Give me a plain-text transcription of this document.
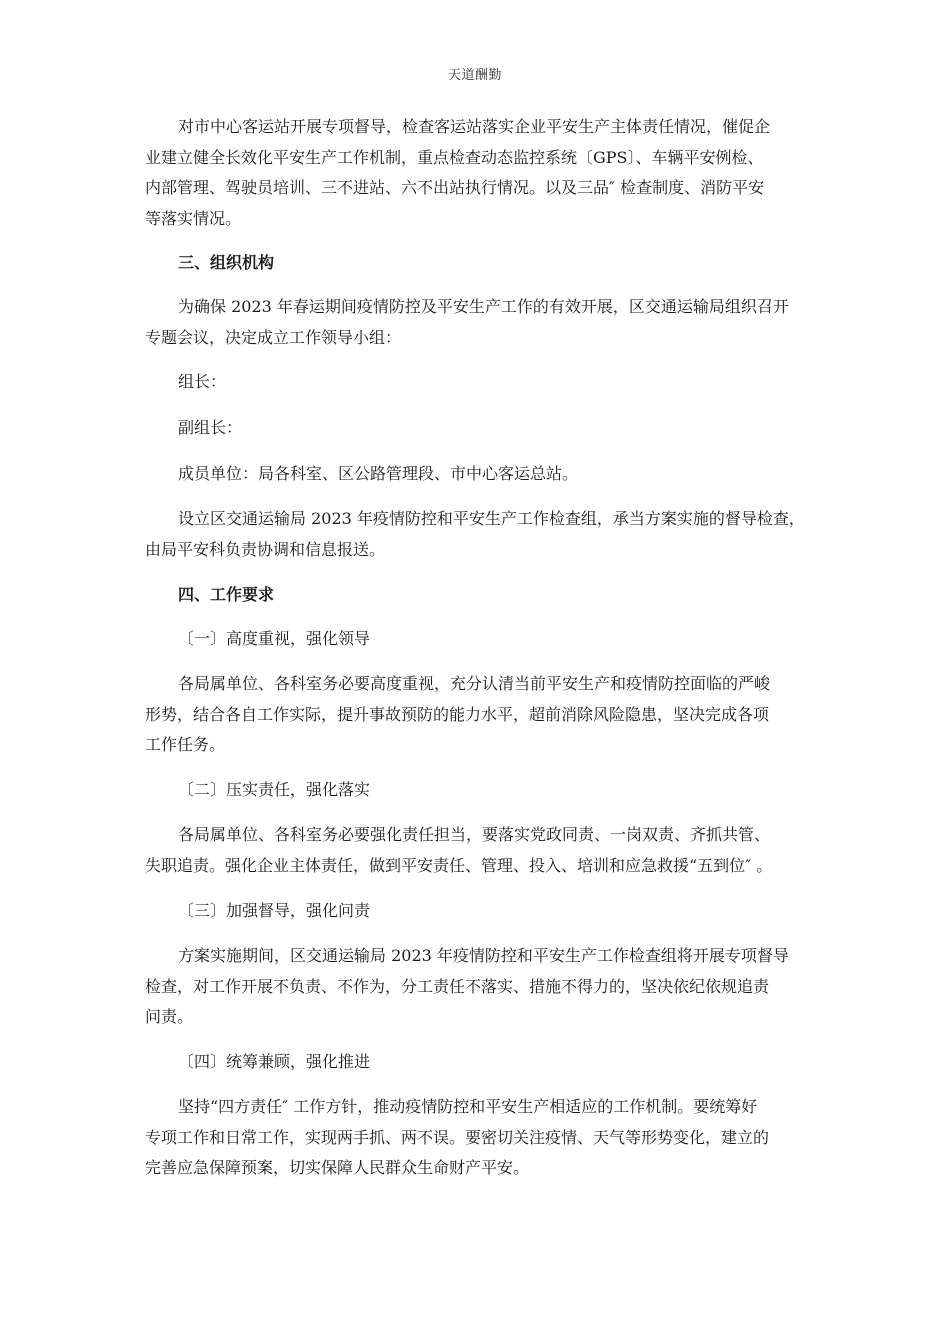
天道酬勤
对市中心客运站开展专项督导，检查客运站落实企业平安生产主体责任情况，催促企
业建立健全长效化平安生产工作机制，重点检查动态监控系统〔GPS〕、车辆平安例检、
内部管理、驾驶员培训、三不进站、六不出站执行情况。以及三品″ 检查制度、消防平安
等落实情况。
三、组织机构
为确保 2023 年春运期间疫情防控及平安生产工作的有效开展，区交通运输局组织召开
专题会议，决定成立工作领导小组：
组长：
副组长：
成员单位：局各科室、区公路管理段、市中心客运总站。
设立区交通运输局 2023 年疫情防控和平安生产工作检查组，承当方案实施的督导检查，
由局平安科负责协调和信息报送。
四、工作要求
〔一〕高度重视，强化领导
各局属单位、各科室务必要高度重视，充分认清当前平安生产和疫情防控面临的严峻
形势，结合各自工作实际，提升事故预防的能力水平，超前消除风险隐患，坚决完成各项
工作任务。
〔二〕压实责任，强化落实
各局属单位、各科室务必要强化责任担当，要落实党政同责、一岗双责、齐抓共管、
失职追责。强化企业主体责任，做到平安责任、管理、投入、培训和应急救援“五到位″ 。
〔三〕加强督导，强化问责
方案实施期间，区交通运输局 2023 年疫情防控和平安生产工作检查组将开展专项督导
检查，对工作开展不负责、不作为，分工责任不落实、措施不得力的，坚决依纪依规追责
问责。
〔四〕统筹兼顾，强化推进
坚持“四方责任″ 工作方针，推动疫情防控和平安生产相适应的工作机制。要统筹好
专项工作和日常工作，实现两手抓、两不误。要密切关注疫情、天气等形势变化，建立的
完善应急保障预案，切实保障人民群众生命财产平安。
